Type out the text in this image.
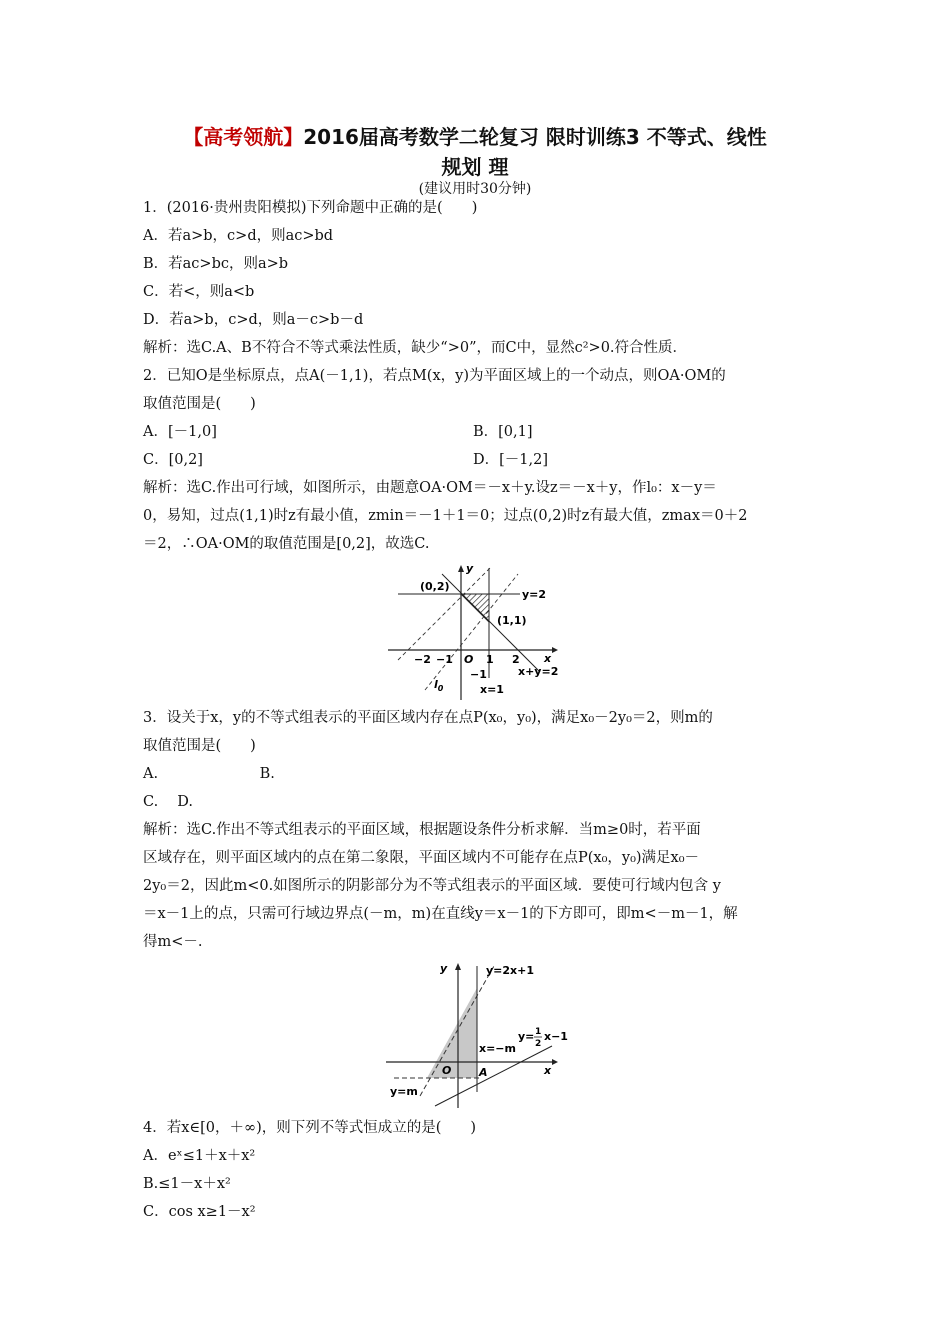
【高考领航】2016届高考数学二轮复习 限时训练3 不等式、线性
规划 理
(建议用时30分钟)
1．(2016·贵州贵阳模拟)下列命题中正确的是(　　)
A．若a>b，c>d，则ac>bd
B．若ac>bc，则a>b
C．若<，则a<b
D．若a>b，c>d，则a－c>b－d
解析：选C.A、B不符合不等式乘法性质，缺少“>0”，而C中，显然c²>0.符合性质．
2．已知O是坐标原点，点A(－1,1)，若点M(x，y)为平面区域上的一个动点，则OA·OM的
取值范围是(　　)
A．[－1,0]	B．[0,1]
C．[0,2]	D．[－1,2]
解析：选C.作出可行域，如图所示，由题意OA·OM＝－x＋y.设z＝－x＋y，作l₀：x－y＝
0，易知，过点(1,1)时z有最小值，zmin＝－1＋1＝0；过点(0,2)时z有最大值，zmax＝0＋2
＝2，∴OA·OM的取值范围是[0,2]，故选C.
(0,2)
y=2
(1,1)
y
x
−2 −1 O 1 2
−1	x+y=2
$l_0$	x=1
3．设关于x，y的不等式组表示的平面区域内存在点P(x₀，y₀)，满足x₀－2y₀＝2，则m的
取值范围是(　　)
A.　　　　　　　B.
C.　 D.
解析：选C.作出不等式组表示的平面区域，根据题设条件分析求解．当m≥0时，若平面
区域存在，则平面区域内的点在第二象限，平面区域内不可能存在点P(x₀，y₀)满足x₀－
2y₀＝2，因此m<0.如图所示的阴影部分为不等式组表示的平面区域．要使可行域内包含 y
＝x－1上的点，只需可行域边界点(－m，m)在直线y＝x－1的下方即可，即m<－m－1，解
得m<－.
y
x
O	A
y=2x+1
y= 1
2
x−1
x=−m
y=m
4．若x∈[0，＋∞)，则下列不等式恒成立的是(　　)
A．eˣ≤1＋x＋x²
B.≤1－x＋x²
C．cos x≥1－x²
